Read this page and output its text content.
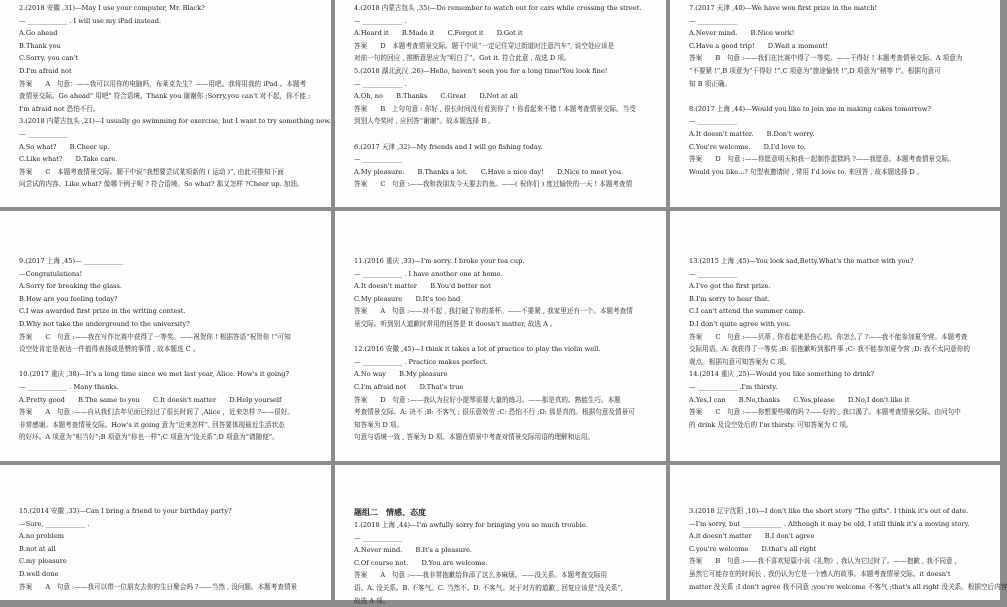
2.(2018 安徽 ,31)—May I use your computer, Mr. Black?
— ____________ . I will use my iPad instead.
A.Go ahead
B.Thank you
C.Sorry, you can't
D.I'm afraid not
答案　　A　句意：——我可以用你的电脑吗，布莱克先生？——用吧。我将用我的 iPad 。本题考
查情景交际。Go ahead" 用吧" 符合语境。Thank you 谢谢你 ;Sorry,you can't 对不起，你不能 ;
I'm afraid not 恐怕不行。
3.(2018 内蒙古包头 ,21)—I usually go swimming for exercise, but I want to try something new.
— ____________
A.So what?　　B.Cheer up.
C.Like what?　　D.Take care.
答案　　C　本题考查情景交际。题干中说“我想要尝试某项新的 ( 运动 )”, 由此可推知下面
问尝试的内容。Like what? 像哪个例子呢 ? 符合语境。So what? 那又怎样 ?Cheer up. 加油。
4.(2018 内蒙古包头 ,35)—Do remember to watch out for cars while crossing the street.
— ____________ .
A.Heard it　　B.Made it　　C.Forgot it　　D.Got it
答案　　D　本题考查情景交际。题干中说“一定记住穿过街道时注意汽车”, 说空处应该是
对前一句的回应 , 推断意思应为“明白了”。Got it. 符合此意 , 故选 D 项。
5.(2018 湖北武汉 ,26)—Hello, haven't seen you for a long time!You look fine!
— ____________ .
A.Oh, no　　B.Thanks　　C.Great　　D.Not at all
答案　　B　上句句意 : 你好 , 很长时间没有看到你了 ! 你看起来不错 ! 本题考查情景交际。当受
到别人夸奖时 , 应回答“谢谢”。故本题选择 B 。

6.(2017 天津 ,32)—My friends and I will go fishing today.
— ____________
A.My pleasure.　　B.Thanks a lot.　　C.Have a nice day!　　D.Nice to meet you.
答案　　C　句意 :——我和我朋友今天要去钓鱼。——( 祝你们 ) 度过愉快的一天 ! 本题考查情
7.(2017 天津 ,40)—We have won first prize in the match!
— ____________
A.Never mind.　　B.Nice work!
C.Have a good trip!　　D.Wait a moment!
答案　　B　句意 :——我们在比赛中得了一等奖。——干得好 ! 本题考查情景交际。A 项意为
“不要紧 !”,B 项意为“干得好 !”,C 项意为“旅途愉快 !”,D 项意为“稍等 !”。根据句意可
知 B 项正确。

8.(2017 上海 ,44)—Would you like to join me in making cakes tomorrow?
— ____________
A.It doesn't matter.　　B.Don't worry.
C.You're welcome.　　D.I'd love to.
答案　　D　句意 :——你愿意明天和我一起制作蛋糕吗 ?——我愿意。本题考查情景交际。
Would you like...? 句型表邀请时 , 常用 I'd love to. 来回答 , 故本题选择 D 。
9.(2017 上海 ,45)— ____________
—Congratulations!
A.Sorry for breaking the glass.
B.How are you feeling today?
C.I was awarded first prize in the writing contest.
D.Why not take the underground to the university?
答案　　C　句意 :——我在写作比赛中获得了一等奖。——祝贺你 ! 根据答语“祝贺你 !”可知
设空处肯定是表达一件值得表扬或是赞的事情 , 故本题选 C 。

10.(2017 重庆 ,38)—It's a long time since we met last year, Alice. How's it going?
— ____________ . Many thanks.
A.Pretty good　　B.The same to you　　C.It doesn't matter　　D.Help yourself
答案　　A　句意 :——自从我们去年见面已经过了很长时间了 ,Alice ，近来怎样 ?——很好。
非常感谢。本题考查情景交际。How's it going 意为“近来怎样”, 回答要体现最近生活状态
的好坏。A 项意为“相当好”;B 项意为“你也一样”;C 项意为“没关系”;D 项意为“请随便”。
11.(2016 重庆 ,33)—I'm sorry. I broke your tea cup.
— ____________ . I have another one at home.
A.It doesn't matter　　B.You'd better not
C.My pleasure　　D.It's too bad
答案　　A　句意 :——对不起 , 我打破了你的茶杯。——不要紧 , 我家里还有一个。本题考查情
景交际。听到别人道歉时常用的回答是 It doesn't matter, 故选 A 。

12.(2016 安徽 ,45)—I think it takes a lot of practice to play the violin well.
— ____________ . Practice makes perfect.
A.No way　　B.My pleasure
C.I'm afraid not　　D.That's true
答案　　D　句意 :——我认为拉好小提琴需要大量的练习。——那是真的。熟能生巧。本题
考查情景交际。A: 决不 ;B: 不客气 ; 很乐意效劳 ;C: 恐怕不行 ;D: 那是真的。根据句意及情景可
知答案为 D 项。
句意与语境一致 , 答案为 D 项。本题在情景中考查对情景交际用语的理解和运用。
13.(2015 上海 ,45)—You look sad,Betty.What's the matter with you?
— ____________
A.I've got the first prize.
B.I'm sorry to hear that.
C.I can't attend the summer camp.
D.I don't quite agree with you.
答案　　C　句意 :——贝蒂 , 你看起来是伤心的。你怎么了 ?——我不能参加夏令营。本题考查
交际用语。A: 我获得了一等奖 ;B: 很抱歉听到那件事 ;C: 我不能参加夏令营 ;D: 我不太同意你的
观点。根据句意可知答案为 C 项。
14.(2014 重庆 ,25)—Would you like something to drink?
— ____________ .I'm thirsty.
A.Yes,I can　　B.No,thanks　　C.Yes,please　　D.No,I don't like it
答案　　C　句意 :——你想要些喝的吗 ?——好的 , 我口渴了。本题考查情景交际。由问句中
的 drink 及设空处后的 I'm thirsty. 可知答案为 C 项。
15.(2014 安徽 ,33)—Can I bring a friend to your birthday party?
—Sure, ____________ .
A.no problem
B.not at all
C.my pleasure
D.well done
答案　　A　句意 :——我可以带一位朋友去你的生日聚会吗 ?——当然 , 没问题。本题考查情景
题组二　情感、态度
1.(2018 上海 ,44)—I'm awfully sorry for bringing you so much trouble.
— ____________
A.Never mind.　　B.It's a pleasure.
C.Of course not.　　D.You are welcome.
答案　　A　句意 :——我非常抱歉给你添了这么多麻烦。——没关系。本题考查交际用
语。A. 没关系。B. 不客气。C. 当然不。D. 不客气。对于对方的道歉 , 回复应该是“没关系”,
故选 A 项。
3.(2018 辽宁沈阳 ,10)—I don't like the short story "The gifts". I think it's out of date.
—I'm sorry, but ____________ . Although it may be old, I still think it's a moving story.
A.it doesn't matter　　B.I don't agree
C.you're welcome　　D.that's all right
答案　　B　句意 :——我不喜欢短篇小说《礼物》, 我认为它过时了。——抱歉 , 我不同意 ,
虽然它可能存在的时间长 , 我仍认为它是一个感人的故事。本题考查情景交际。it doesn't
matter 没关系 ;I don't agree 我不同意 ;you're welcome 不客气 ;that's all right 没关系。根据空后内容
